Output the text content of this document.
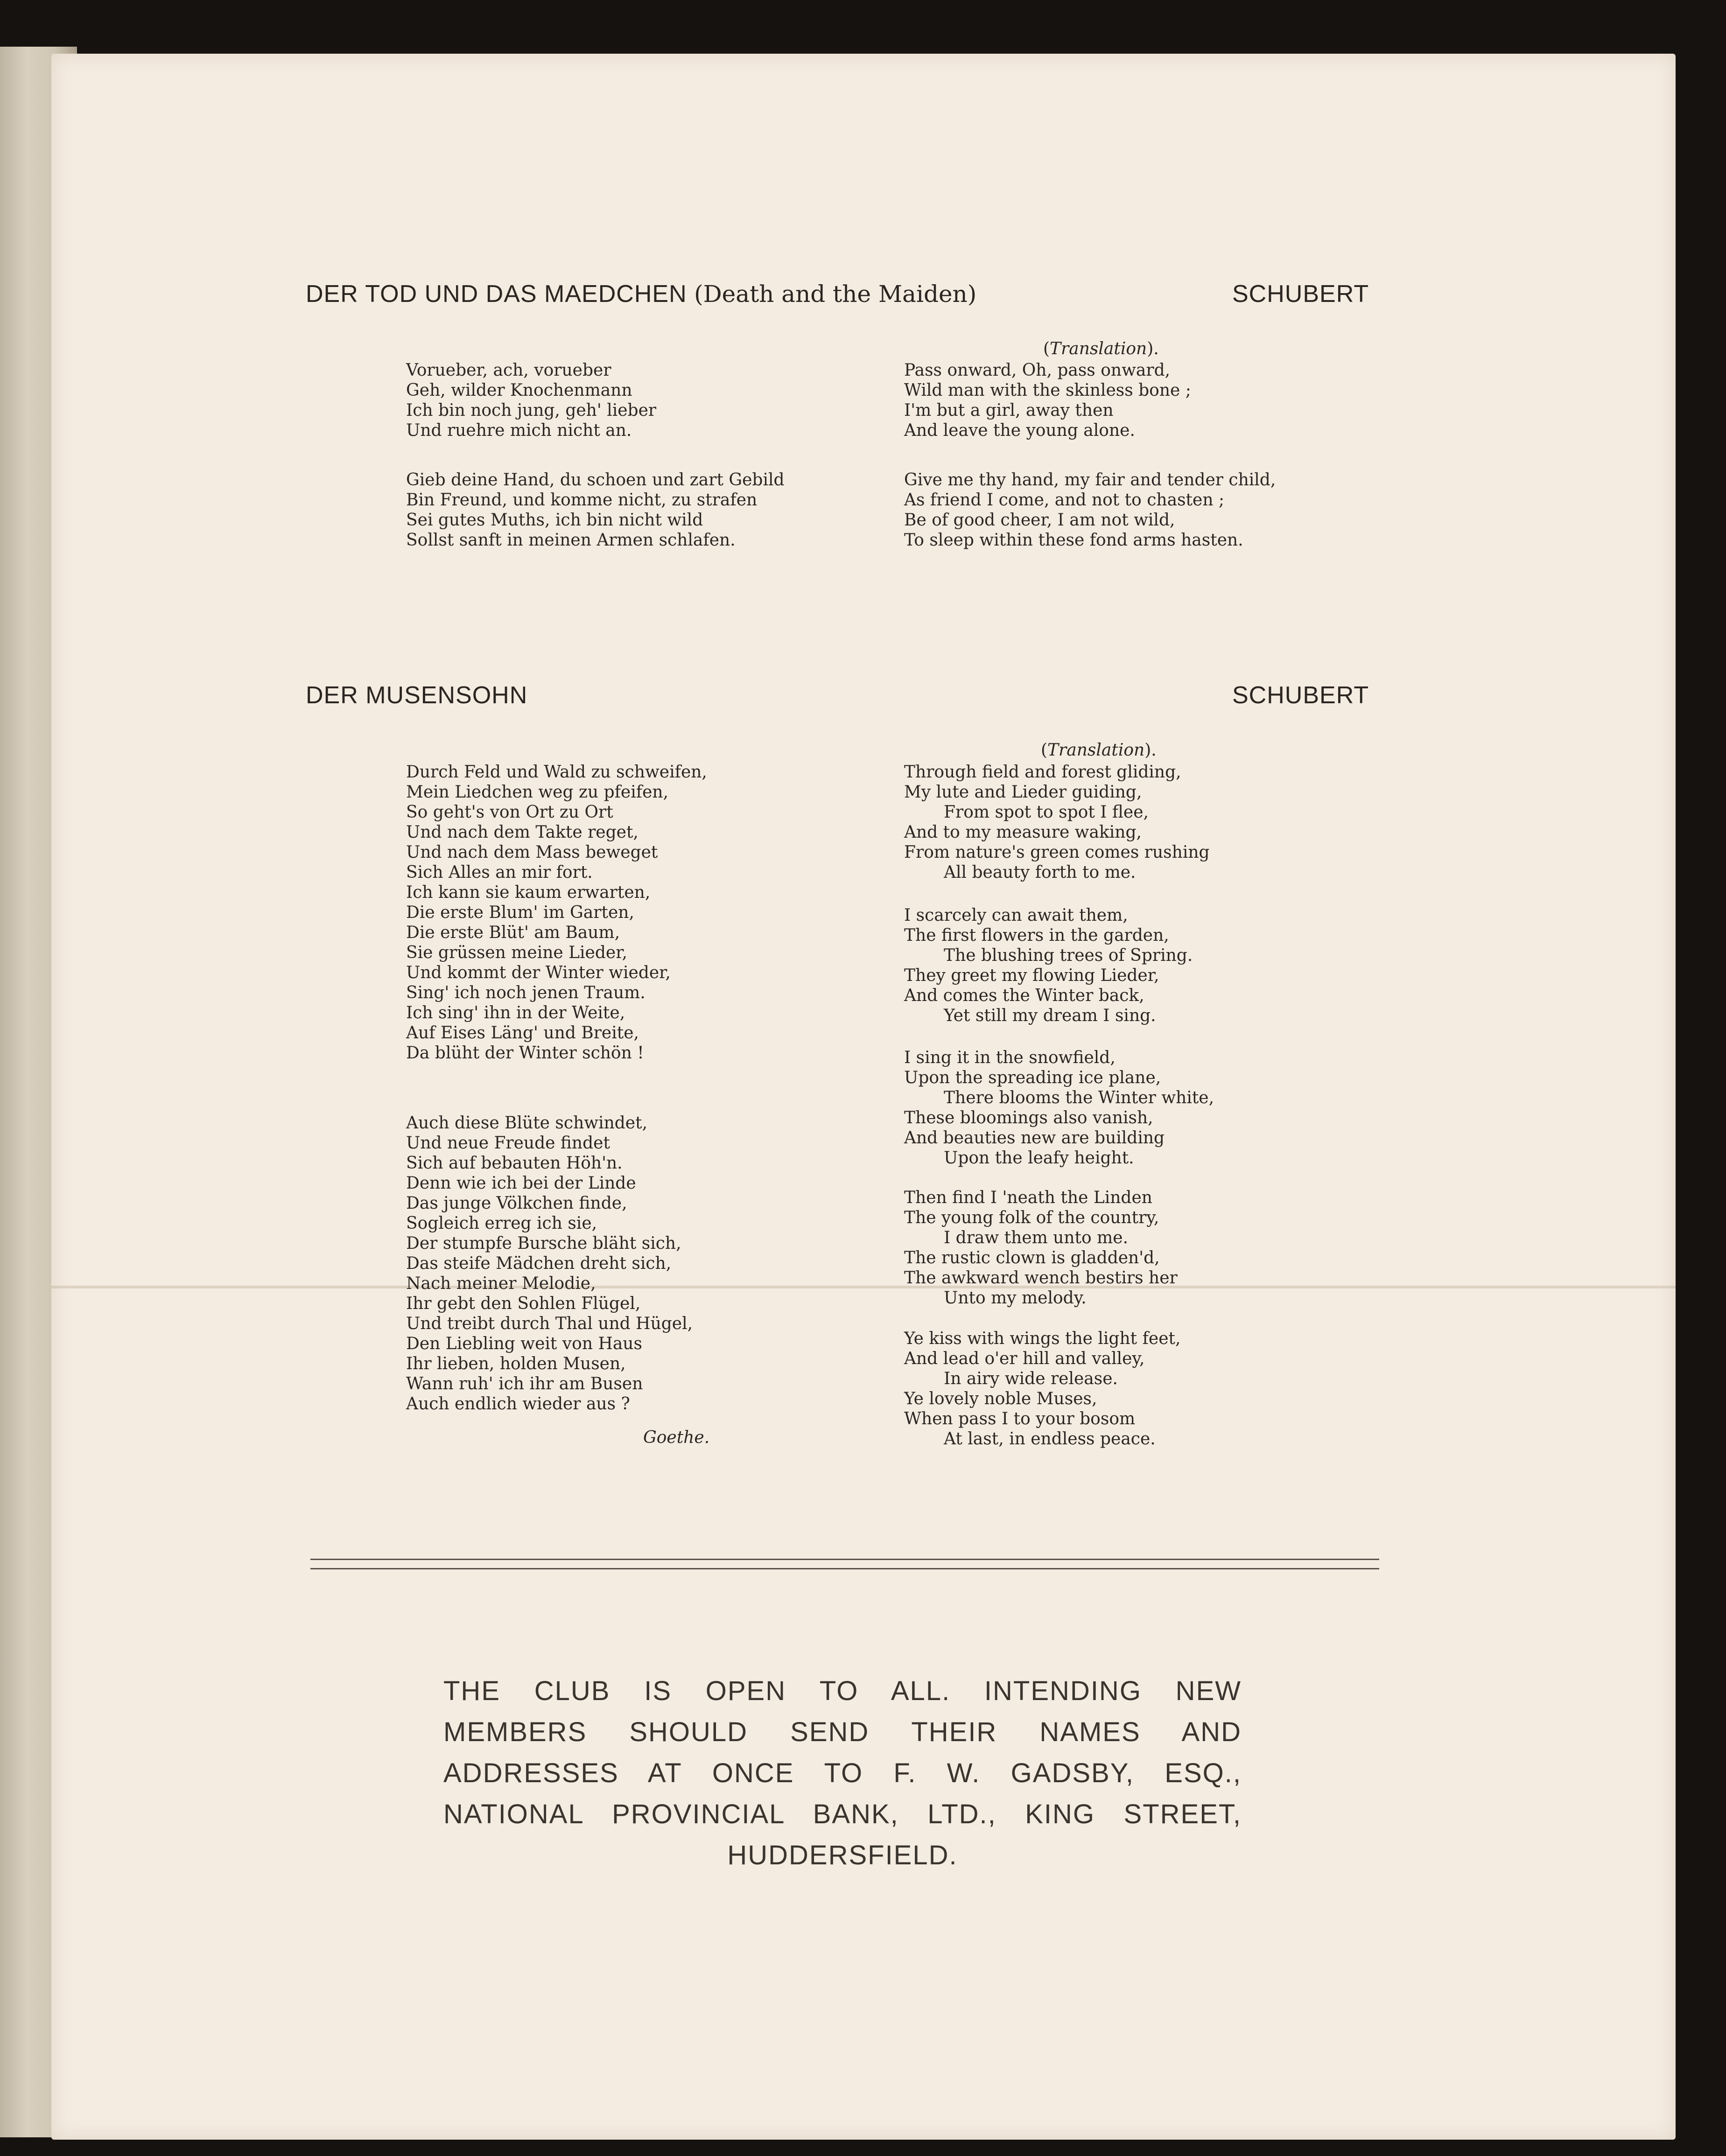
DER TOD UND DAS MAEDCHEN (Death and the Maiden)	SCHUBERT
(Translation).
Vorueber, ach, vorueber
Geh, wilder Knochenmann
Ich bin noch jung, geh' lieber
Und ruehre mich nicht an.
Gieb deine Hand, du schoen und zart Gebild
Bin Freund, und komme nicht, zu strafen
Sei gutes Muths, ich bin nicht wild
Sollst sanft in meinen Armen schlafen.
Pass onward, Oh, pass onward,
Wild man with the skinless bone ;
I'm but a girl, away then
And leave the young alone.
Give me thy hand, my fair and tender child,
As friend I come, and not to chasten ;
Be of good cheer, I am not wild,
To sleep within these fond arms hasten.
DER MUSENSOHN	SCHUBERT
(Translation).
Durch Feld und Wald zu schweifen,
Mein Liedchen weg zu pfeifen,
So geht's von Ort zu Ort
Und nach dem Takte reget,
Und nach dem Mass beweget
Sich Alles an mir fort.
Ich kann sie kaum erwarten,
Die erste Blum' im Garten,
Die erste Blüt' am Baum,
Sie grüssen meine Lieder,
Und kommt der Winter wieder,
Sing' ich noch jenen Traum.
Ich sing' ihn in der Weite,
Auf Eises Läng' und Breite,
Da blüht der Winter schön !
Auch diese Blüte schwindet,
Und neue Freude findet
Sich auf bebauten Höh'n.
Denn wie ich bei der Linde
Das junge Völkchen finde,
Sogleich erreg ich sie,
Der stumpfe Bursche bläht sich,
Das steife Mädchen dreht sich,
Nach meiner Melodie,
Ihr gebt den Sohlen Flügel,
Und treibt durch Thal und Hügel,
Den Liebling weit von Haus
Ihr lieben, holden Musen,
Wann ruh' ich ihr am Busen
Auch endlich wieder aus ?
Goethe.
Through field and forest gliding,
My lute and Lieder guiding,
From spot to spot I flee,
And to my measure waking,
From nature's green comes rushing
All beauty forth to me.
I scarcely can await them,
The first flowers in the garden,
The blushing trees of Spring.
They greet my flowing Lieder,
And comes the Winter back,
Yet still my dream I sing.
I sing it in the snowfield,
Upon the spreading ice plane,
There blooms the Winter white,
These bloomings also vanish,
And beauties new are building
Upon the leafy height.
Then find I 'neath the Linden
The young folk of the country,
I draw them unto me.
The rustic clown is gladden'd,
The awkward wench bestirs her
Unto my melody.
Ye kiss with wings the light feet,
And lead o'er hill and valley,
In airy wide release.
Ye lovely noble Muses,
When pass I to your bosom
At last, in endless peace.
THE CLUB IS OPEN TO ALL. INTENDING NEW
MEMBERS SHOULD SEND THEIR NAMES AND
ADDRESSES AT ONCE TO F. W. GADSBY, ESQ.,
NATIONAL PROVINCIAL BANK, LTD., KING STREET,
HUDDERSFIELD.
